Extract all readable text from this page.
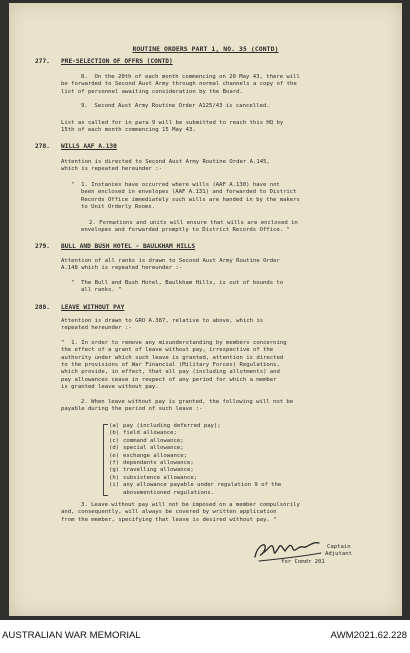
ROUTINE ORDERS PART 1, NO. 35 (CONTD)
277. PRE-SELECTION OF OFFRS (CONTD)
8.  On the 20th of each month commencing on 20 May 43, there will
be forwarded to Second Aust Army through normal channels a copy of the
list of personnel awaiting consideration by the Board.
9.  Second Aust Army Routine Order A125/43 is cancelled.
List as called for in para 9 will be submitted to reach this HQ by
15th of each month commencing 15 May 43.
278. WILLS AAF A.130
Attention is directed to Second Aust Army Routine Order A.145,
which is repeated hereunder :-
"  1. Instances have occurred where wills (AAF A.130) have not
been enclosed in envelopes (AAF A.131) and forwarded to District
Records Office immediately such wills are handed in by the makers
to Unit Orderly Rooms.
2. Formations and units will ensure that wills are enclosed in
envelopes and forwarded promptly to District Records Office. "
279. BULL AND BUSH HOTEL - BAULKHAM HILLS
Attention of all ranks is drawn to Second Aust Army Routine Order
A.148 which is repeated hereunder :-
"  The Bull and Bush Hotel, Baulkham Hills, is out of bounds to
all ranks. "
280. LEAVE WITHOUT PAY
Attention is drawn to GRO A.387, relative to above, which is
repeated hereunder :-
"  1. In order to remove any misunderstanding by members concerning
the effect of a grant of leave without pay, irrespective of the
authority under which such leave is granted, attention is directed
to the provisions of War Financial (Military Forces) Regulations,
which provide, in effect, that all pay (including allotments) and
pay allowances cease in respect of any period for which a member
is granted leave without pay.
2. When leave without pay is granted, the following will not be
payable during the period of such leave :-
(a) pay (including deferred pay);
(b) field allowance;
(c) command allowance;
(d) special allowance;
(e) exchange allowance;
(f) dependants allowance;
(g) travelling allowance;
(h) subsistence allowance;
(i) any allowance payable under regulation 9 of the
abovementioned regulations.
3. Leave without pay will not be imposed on a member compulsorily
and, consequently, will always be covered by written application
from the member, specifying that leave is desired without pay. "
Captain
Adjutant
for Comdr 201
AUSTRALIAN WAR MEMORIAL	AWM2021.62.228
